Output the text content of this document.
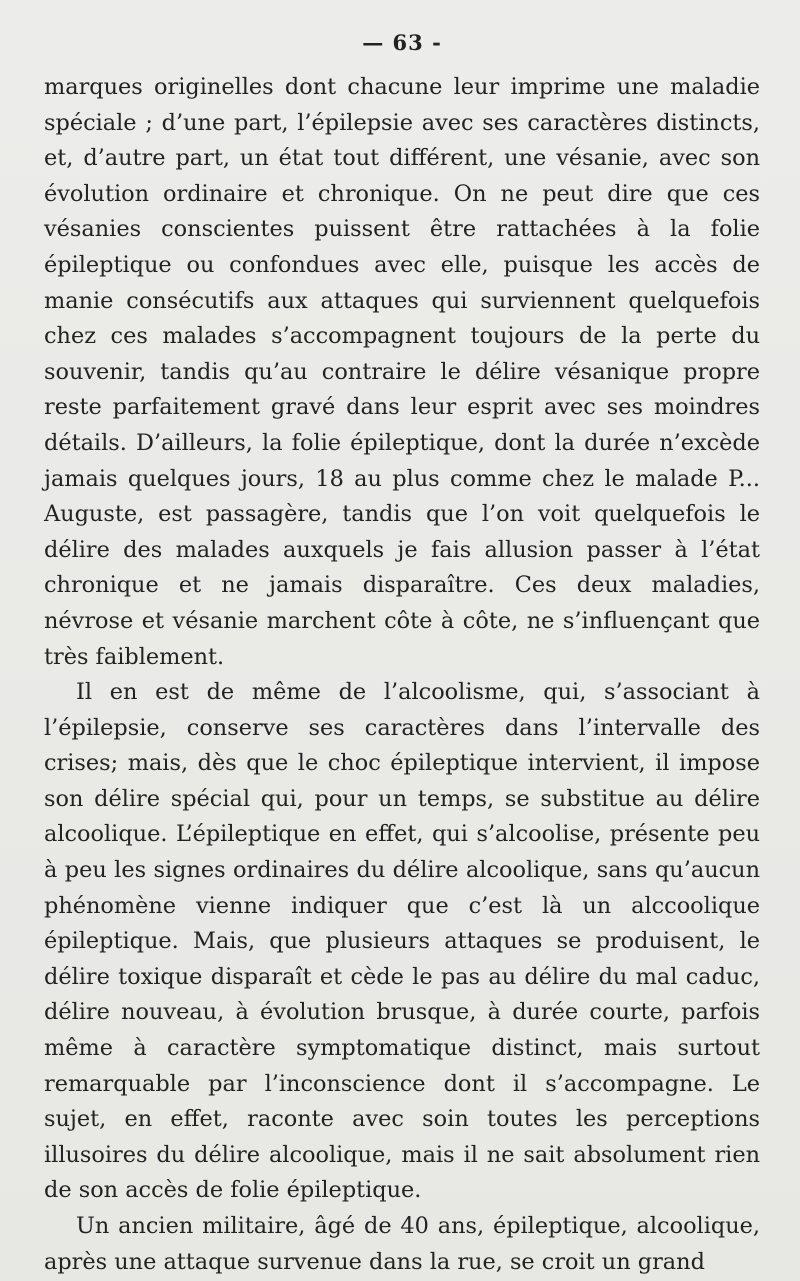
— 63 -

marques originelles dont chacune leur imprime une maladie spéciale ; d’une part, l’épilepsie avec ses caractères distincts, et, d’autre part, un état tout différent, une vésanie, avec son évolution ordinaire et chronique. On ne peut dire que ces vésanies conscientes puissent être rattachées à la folie épileptique ou confondues avec elle, puisque les accès de manie consécutifs aux attaques qui surviennent quelquefois chez ces malades s’accompagnent toujours de la perte du souvenir, tandis qu’au contraire le délire vésanique propre reste parfaitement gravé dans leur esprit avec ses moindres détails. D’ailleurs, la folie épileptique, dont la durée n’excède jamais quelques jours, 18 au plus comme chez le malade P... Auguste, est passagère, tandis que l’on voit quelquefois le délire des malades auxquels je fais allusion passer à l’état chronique et ne jamais disparaître. Ces deux maladies, névrose et vésanie marchent côte à côte, ne s’influençant que très faiblement.

Il en est de même de l’alcoolisme, qui, s’associant à l’épilepsie, conserve ses caractères dans l’intervalle des crises; mais, dès que le choc épileptique intervient, il impose son délire spécial qui, pour un temps, se substitue au délire alcoolique. L’épileptique en effet, qui s’alcoolise, présente peu à peu les signes ordinaires du délire alcoolique, sans qu’aucun phénomène vienne indiquer que c’est là un alccoolique épileptique. Mais, que plusieurs attaques se produisent, le délire toxique disparaît et cède le pas au délire du mal caduc, délire nouveau, à évolution brusque, à durée courte, parfois même à caractère symptomatique distinct, mais surtout remarquable par l’inconscience dont il s’accompagne. Le sujet, en effet, raconte avec soin toutes les perceptions illusoires du délire alcoolique, mais il ne sait absolument rien de son accès de folie épileptique.

Un ancien militaire, âgé de 40 ans, épileptique, alcoolique, après une attaque survenue dans la rue, se croit un grand
